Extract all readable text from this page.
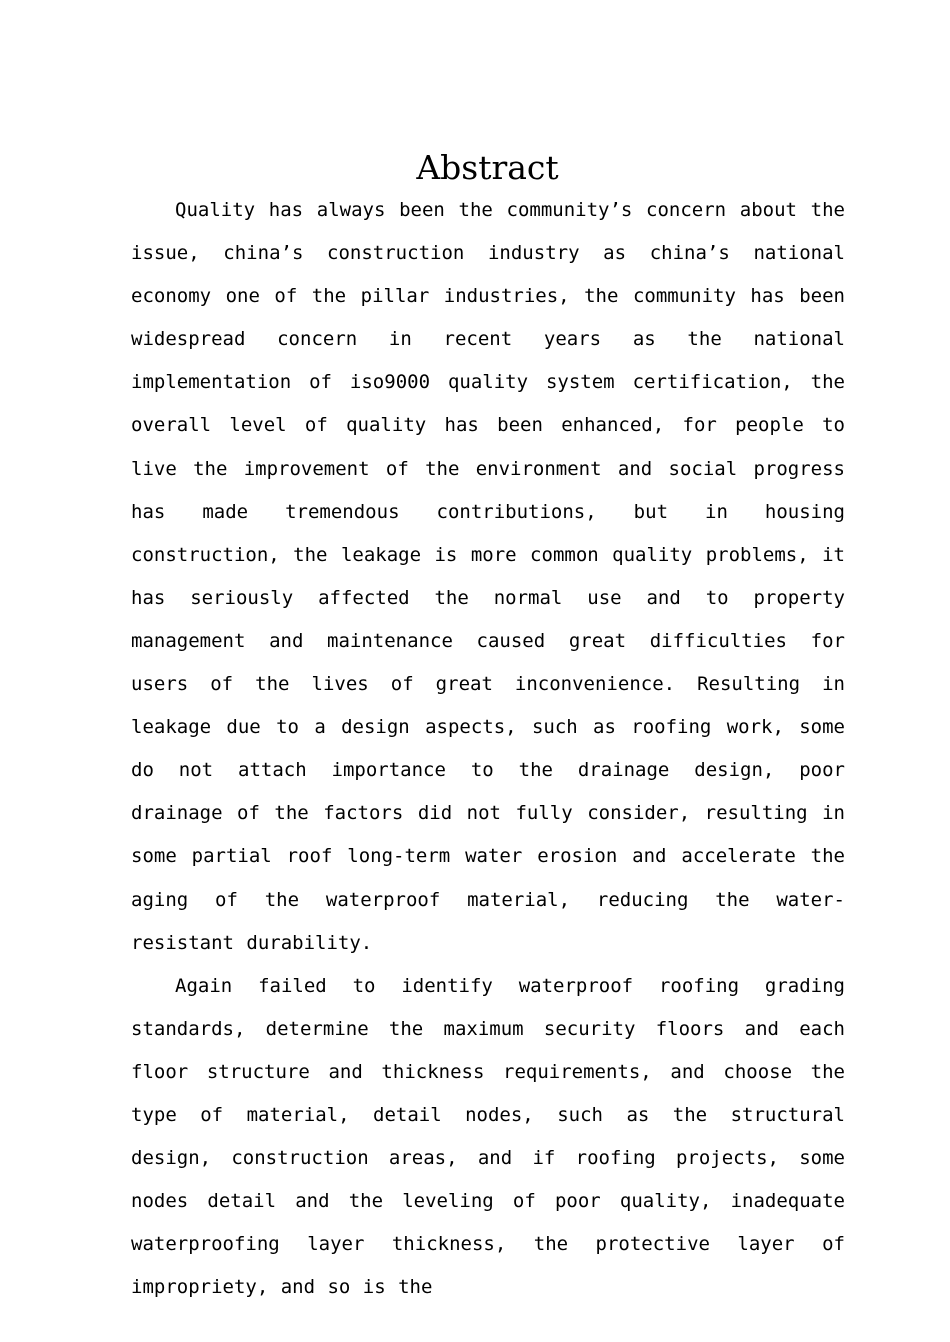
Abstract

Quality has always been the community’s concern about the issue, china’s construction industry as china’s national economy one of the pillar industries, the community has been widespread concern in recent years as the national implementation of iso9000 quality system certification, the overall level of quality has been enhanced, for people to live the improvement of the environment and social progress has made tremendous contributions, but in housing construction, the leakage is more common quality problems, it has seriously affected the normal use and to property management and maintenance caused great difficulties for users of the lives of great inconvenience. Resulting in leakage due to a design aspects, such as roofing work, some do not attach importance to the drainage design, poor drainage of the factors did not fully consider, resulting in some partial roof long-term water erosion and accelerate the aging of the waterproof material, reducing the water-resistant durability.

Again failed to identify waterproof roofing grading standards, determine the maximum security floors and each floor structure and thickness requirements, and choose the type of material, detail nodes, such as the structural design, construction areas, and if roofing projects, some nodes detail and the leveling of poor quality, inadequate waterproofing layer thickness, the protective layer of impropriety, and so is the
